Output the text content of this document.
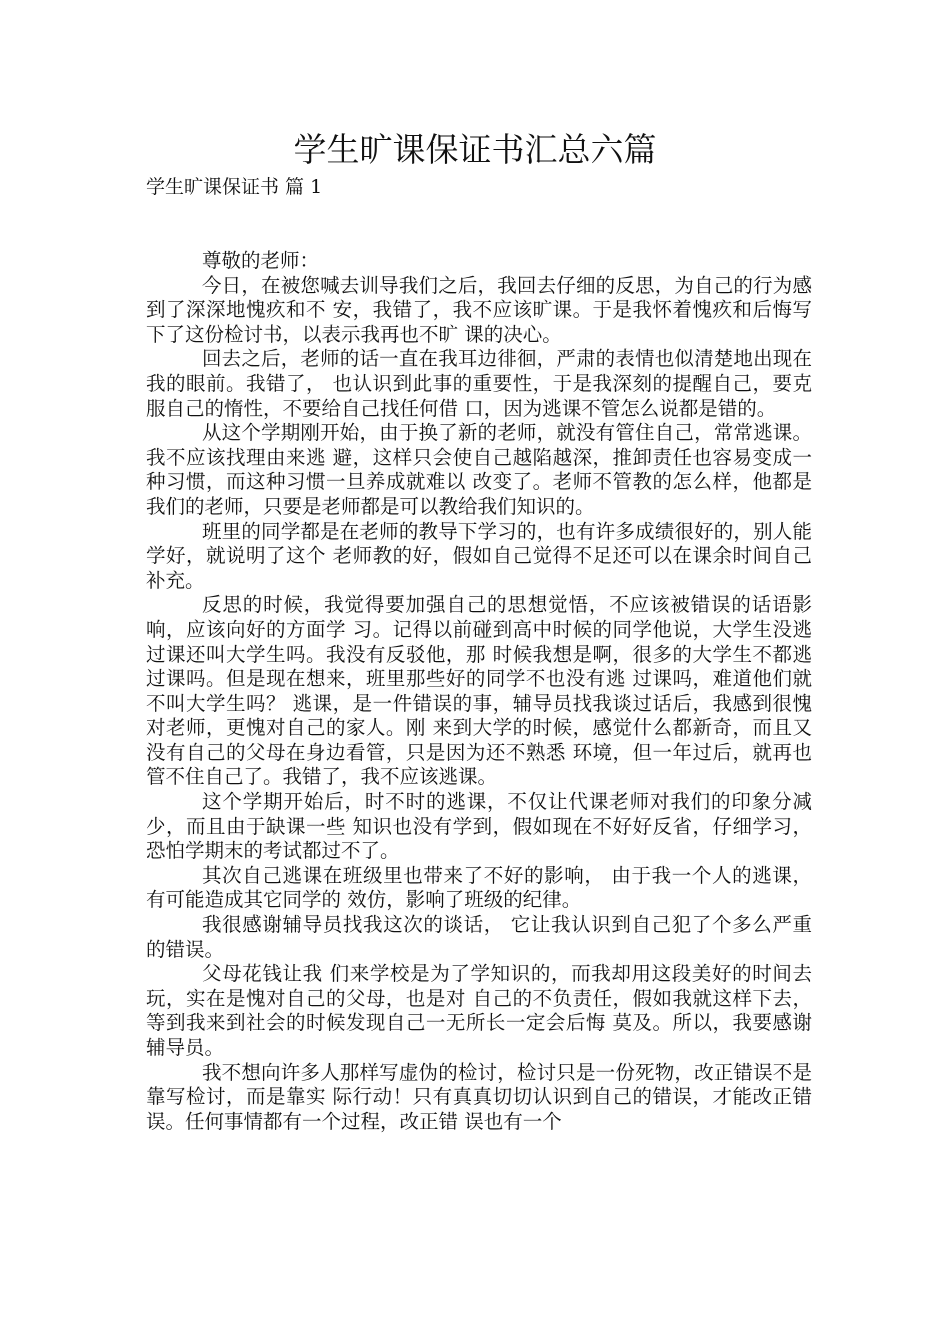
学生旷课保证书汇总六篇

学生旷课保证书 篇 1

尊敬的老师：

今日，在被您喊去训导我们之后，我回去仔细的反思，为自己的行为感到了深深地愧疚和不 安，我错了，我不应该旷课。于是我怀着愧疚和后悔写下了这份检讨书，以表示我再也不旷 课的决心。

回去之后，老师的话一直在我耳边徘徊，严肃的表情也似清楚地出现在我的眼前。我错了， 也认识到此事的重要性，于是我深刻的提醒自己，要克服自己的惰性，不要给自己找任何借 口，因为逃课不管怎么说都是错的。

从这个学期刚开始，由于换了新的老师，就没有管住自己，常常逃课。我不应该找理由来逃 避，这样只会使自己越陷越深，推卸责任也容易变成一种习惯，而这种习惯一旦养成就难以 改变了。老师不管教的怎么样，他都是我们的老师，只要是老师都是可以教给我们知识的。

班里的同学都是在老师的教导下学习的，也有许多成绩很好的，别人能学好，就说明了这个 老师教的好，假如自己觉得不足还可以在课余时间自己补充。

反思的时候，我觉得要加强自己的思想觉悟，不应该被错误的话语影响，应该向好的方面学 习。记得以前碰到高中时候的同学他说，大学生没逃过课还叫大学生吗。我没有反驳他，那 时候我想是啊，很多的大学生不都逃过课吗。但是现在想来，班里那些好的同学不也没有逃 过课吗，难道他们就不叫大学生吗？ 逃课，是一件错误的事，辅导员找我谈过话后，我感到很愧对老师，更愧对自己的家人。刚 来到大学的时候，感觉什么都新奇，而且又没有自己的父母在身边看管，只是因为还不熟悉 环境，但一年过后，就再也管不住自己了。我错了，我不应该逃课。

这个学期开始后，时不时的逃课，不仅让代课老师对我们的印象分减少，而且由于缺课一些 知识也没有学到，假如现在不好好反省，仔细学习，恐怕学期末的考试都过不了。

其次自己逃课在班级里也带来了不好的影响， 由于我一个人的逃课， 有可能造成其它同学的 效仿，影响了班级的纪律。

我很感谢辅导员找我这次的谈话， 它让我认识到自己犯了个多么严重的错误。

父母花钱让我 们来学校是为了学知识的，而我却用这段美好的时间去玩，实在是愧对自己的父母，也是对 自己的不负责任，假如我就这样下去， 等到我来到社会的时候发现自己一无所长一定会后悔 莫及。所以，我要感谢辅导员。

我不想向许多人那样写虚伪的检讨，检讨只是一份死物，改正错误不是靠写检讨，而是靠实 际行动！只有真真切切认识到自己的错误，才能改正错误。任何事情都有一个过程，改正错 误也有一个
